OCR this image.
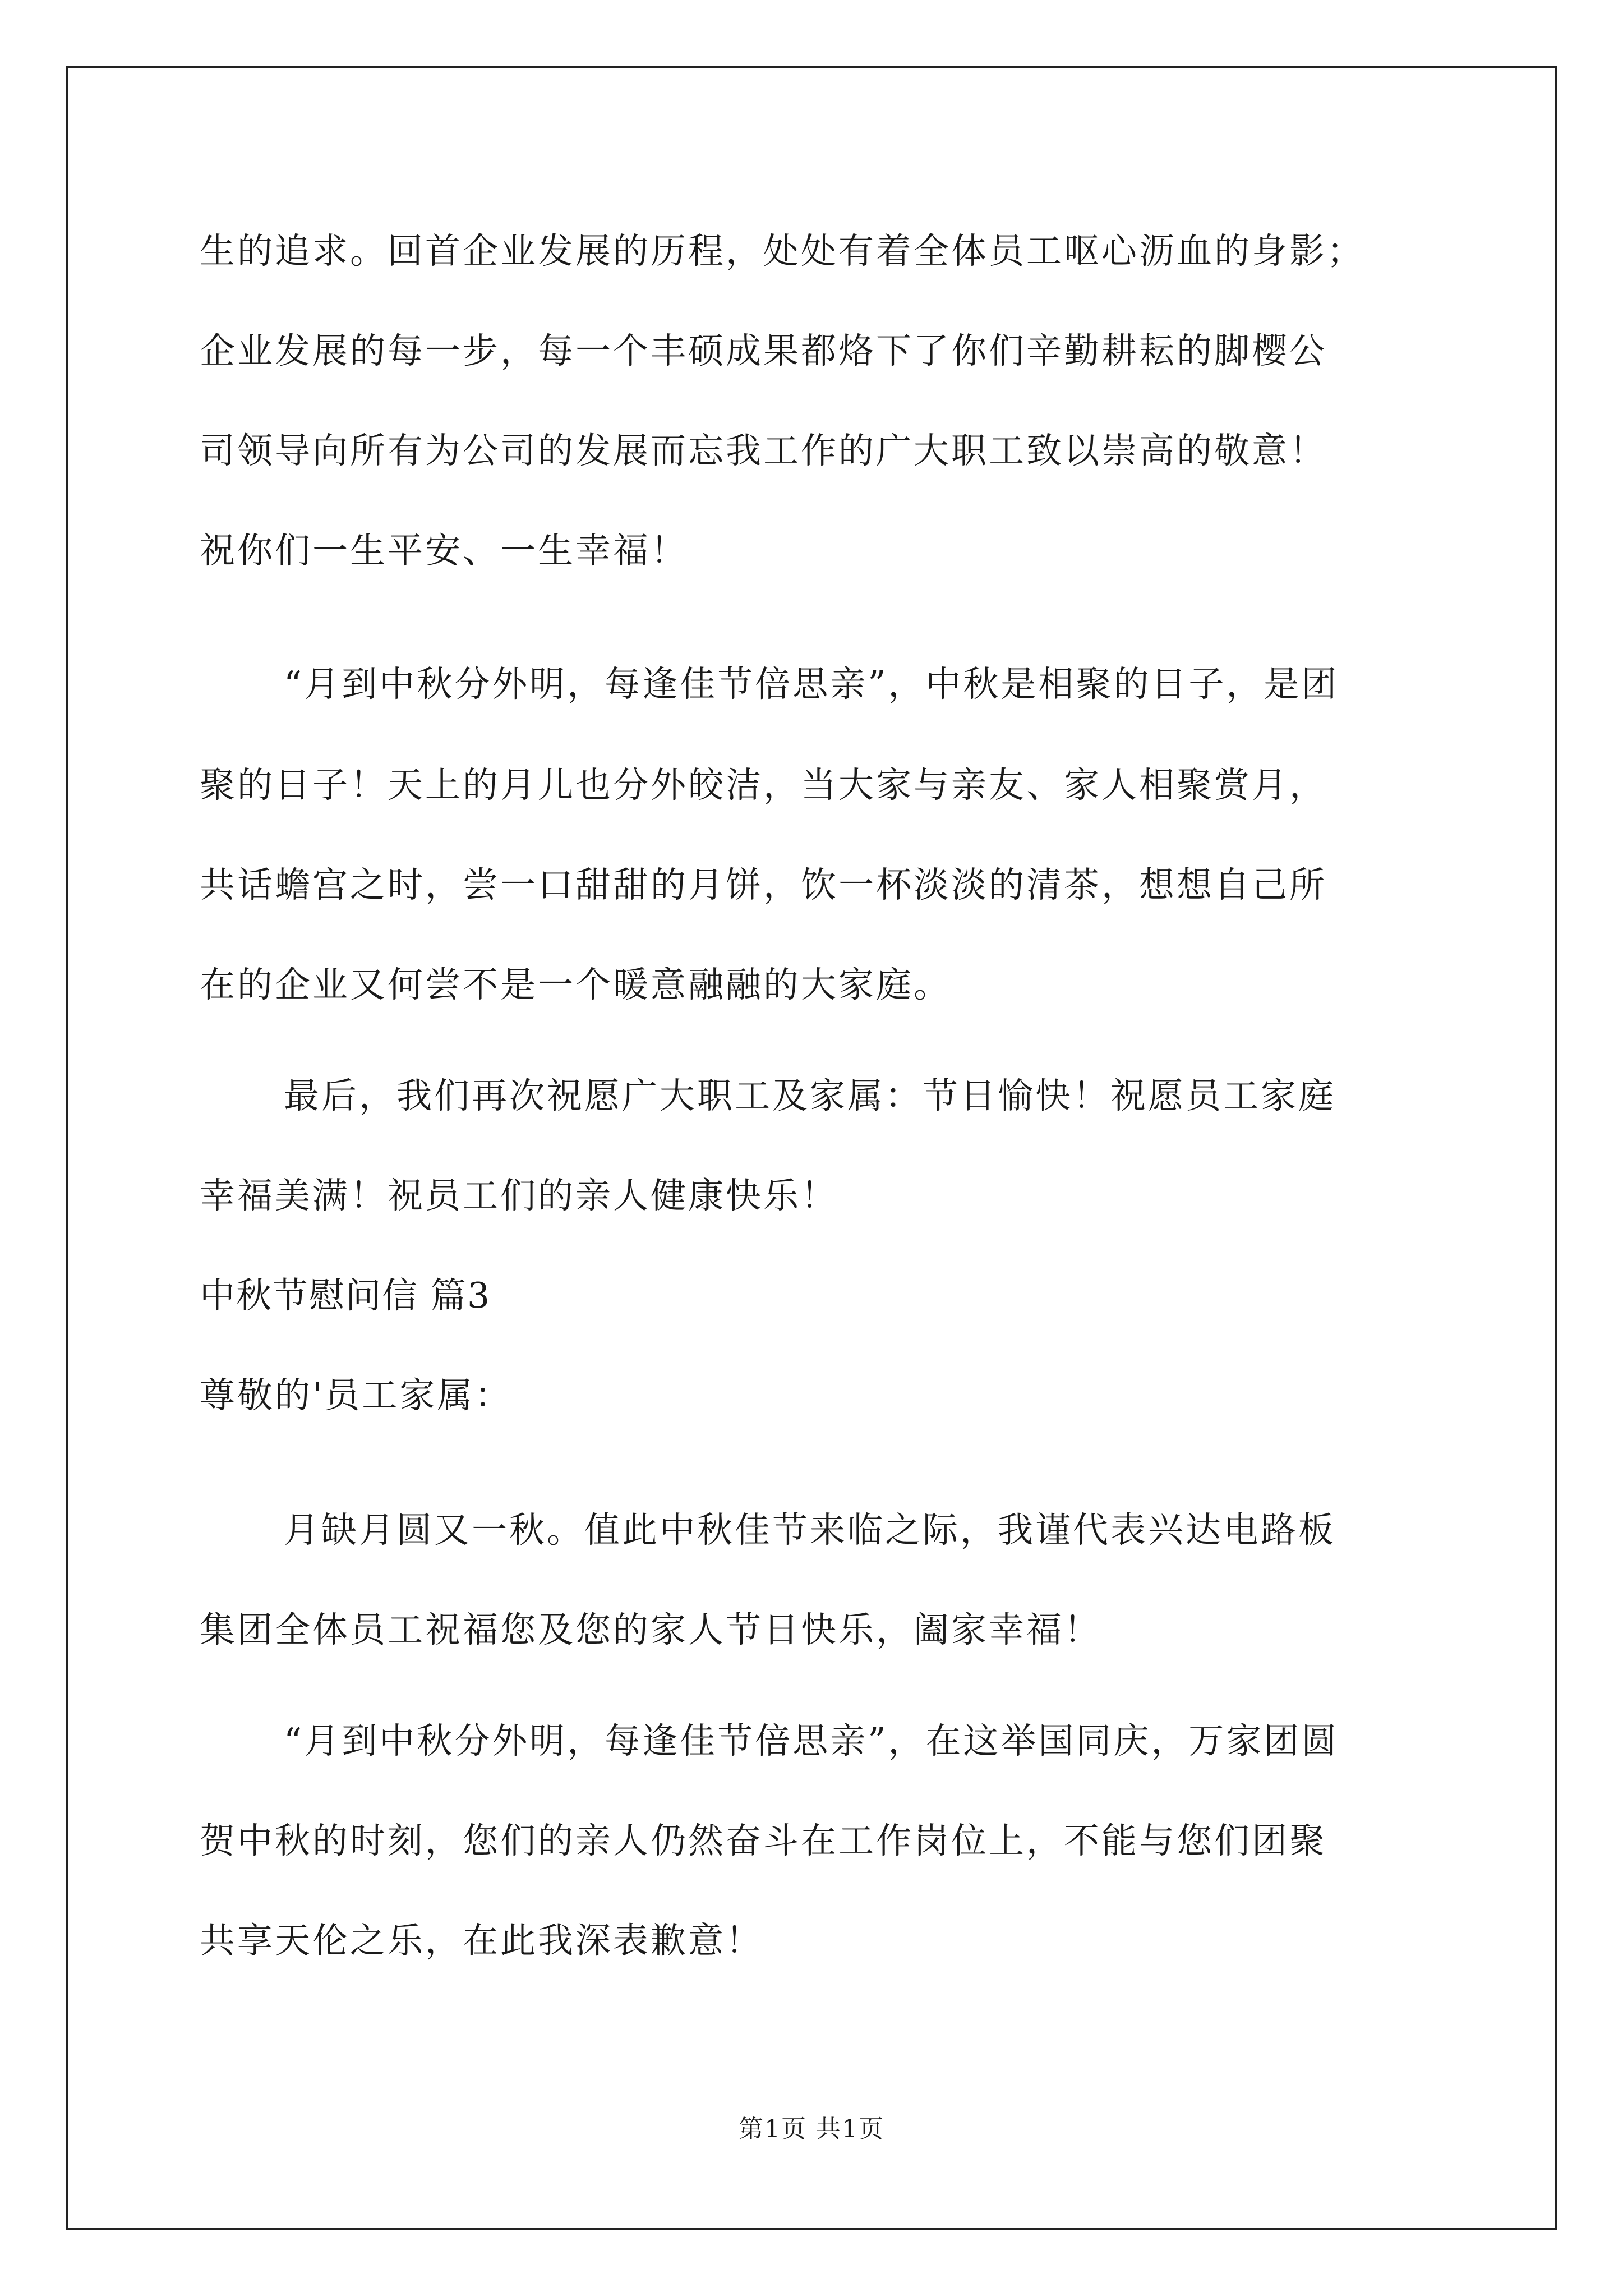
生的追求。回首企业发展的历程，处处有着全体员工呕心沥血的身影；
企业发展的每一步，每一个丰硕成果都烙下了你们辛勤耕耘的脚樱公
司领导向所有为公司的发展而忘我工作的广大职工致以崇高的敬意！
祝你们一生平安、一生幸福！
“月到中秋分外明，每逢佳节倍思亲”，中秋是相聚的日子，是团
聚的日子！天上的月儿也分外皎洁，当大家与亲友、家人相聚赏月，
共话蟾宫之时，尝一口甜甜的月饼，饮一杯淡淡的清茶，想想自己所
在的企业又何尝不是一个暖意融融的大家庭。
最后，我们再次祝愿广大职工及家属：节日愉快！祝愿员工家庭
幸福美满！祝员工们的亲人健康快乐！
中秋节慰问信 篇3
尊敬的'员工家属：
月缺月圆又一秋。值此中秋佳节来临之际，我谨代表兴达电路板
集团全体员工祝福您及您的家人节日快乐，阖家幸福！
“月到中秋分外明，每逢佳节倍思亲”，在这举国同庆，万家团圆
贺中秋的时刻，您们的亲人仍然奋斗在工作岗位上，不能与您们团聚
共享天伦之乐，在此我深表歉意！
第1页 共1页
